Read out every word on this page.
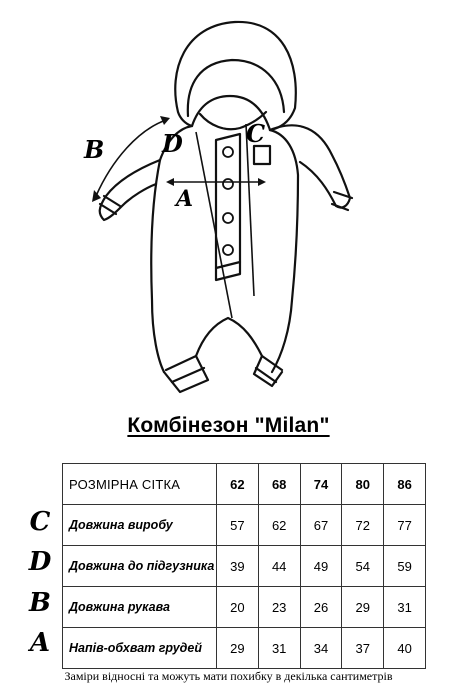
B D	C
A
Комбінезон "Milan"
РОЗМІРНА СІТКА	62	68	74	80	86
Довжина виробу	57	62	67	72	77
Довжина до підгузника	39	44	49	54	59
Довжина рукава	20	23	26	29	31
Напів-обхват грудей	29	31	34	37	40
C
D
B
A
Заміри відносні та можуть мати похибку в декілька сантиметрів
